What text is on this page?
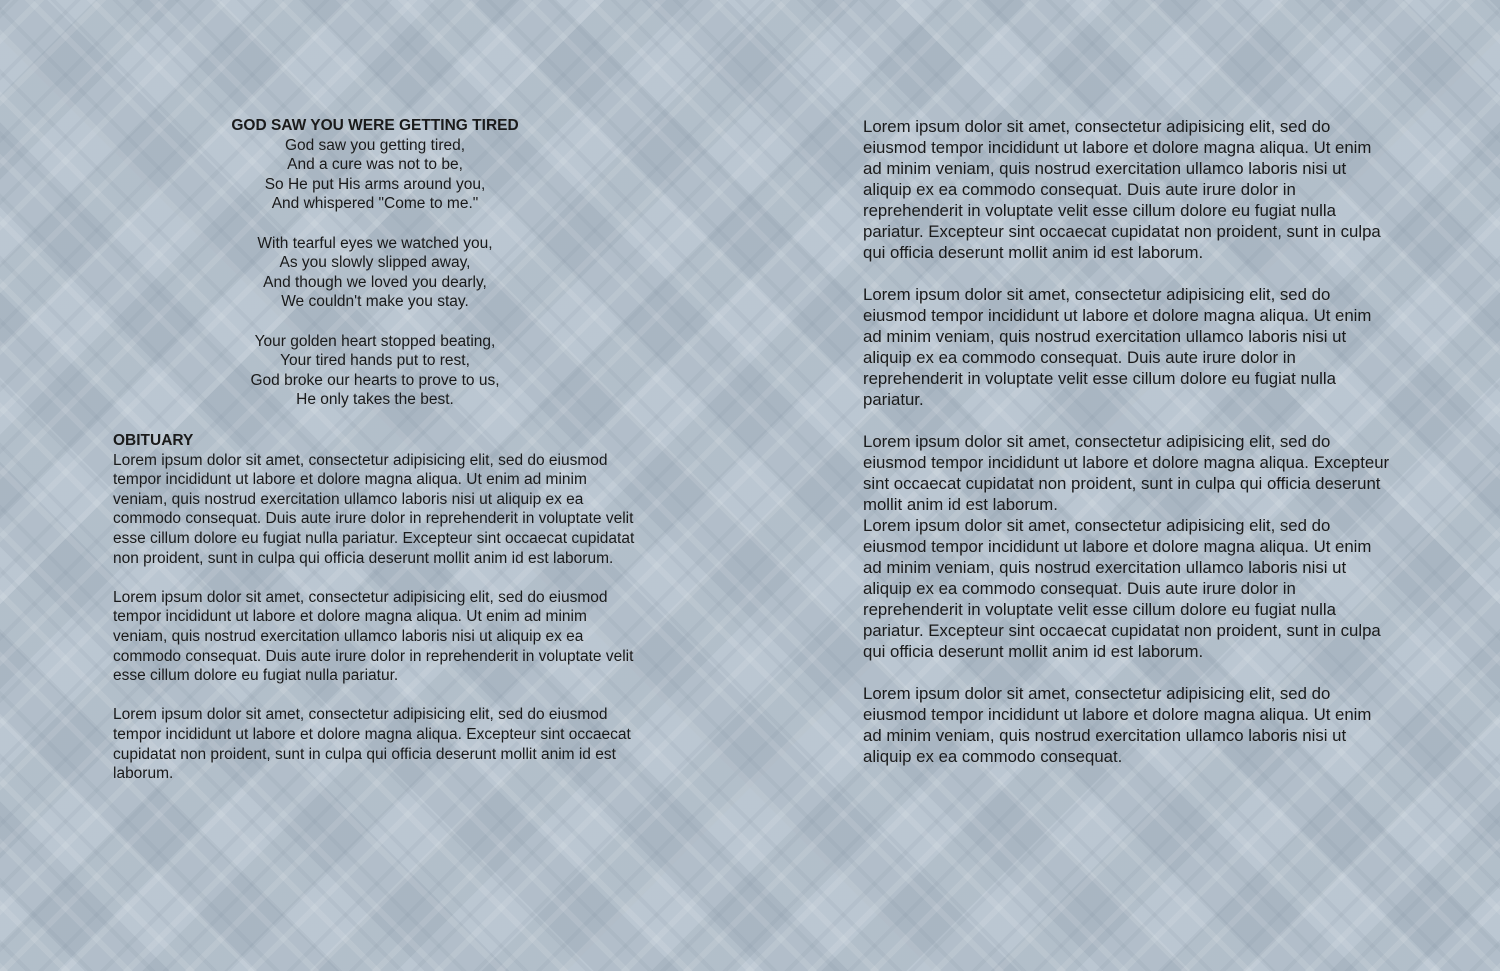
GOD SAW YOU WERE GETTING TIRED

God saw you getting tired,
And a cure was not to be,
So He put His arms around you,
And whispered "Come to me."
With tearful eyes we watched you,
As you slowly slipped away,
And though we loved you dearly,
We couldn't make you stay.
Your golden heart stopped beating,
Your tired hands put to rest,
God broke our hearts to prove to us,
He only takes the best.

OBITUARY

Lorem ipsum dolor sit amet, consectetur adipisicing elit, sed do eiusmod tempor incididunt ut labore et dolore magna aliqua. Ut enim ad minim veniam, quis nostrud exercitation ullamco laboris nisi ut aliquip ex ea commodo consequat. Duis aute irure dolor in reprehenderit in voluptate velit esse cillum dolore eu fugiat nulla pariatur. Excepteur sint occaecat cupidatat non proident, sunt in culpa qui officia deserunt mollit anim id est laborum.

Lorem ipsum dolor sit amet, consectetur adipisicing elit, sed do eiusmod tempor incididunt ut labore et dolore magna aliqua. Ut enim ad minim veniam, quis nostrud exercitation ullamco laboris nisi ut aliquip ex ea commodo consequat. Duis aute irure dolor in reprehenderit in voluptate velit esse cillum dolore eu fugiat nulla pariatur.

Lorem ipsum dolor sit amet, consectetur adipisicing elit, sed do eiusmod tempor incididunt ut labore et dolore magna aliqua. Excepteur sint occaecat cupidatat non proident, sunt in culpa qui officia deserunt mollit anim id est laborum.

Lorem ipsum dolor sit amet, consectetur adipisicing elit, sed do eiusmod tempor incididunt ut labore et dolore magna aliqua. Ut enim ad minim veniam, quis nostrud exercitation ullamco laboris nisi ut aliquip ex ea commodo consequat. Duis aute irure dolor in reprehenderit in voluptate velit esse cillum dolore eu fugiat nulla pariatur. Excepteur sint occaecat cupidatat non proident, sunt in culpa qui officia deserunt mollit anim id est laborum.

Lorem ipsum dolor sit amet, consectetur adipisicing elit, sed do eiusmod tempor incididunt ut labore et dolore magna aliqua. Ut enim ad minim veniam, quis nostrud exercitation ullamco laboris nisi ut aliquip ex ea commodo consequat. Duis aute irure dolor in reprehenderit in voluptate velit esse cillum dolore eu fugiat nulla pariatur.

Lorem ipsum dolor sit amet, consectetur adipisicing elit, sed do eiusmod tempor incididunt ut labore et dolore magna aliqua. Excepteur sint occaecat cupidatat non proident, sunt in culpa qui officia deserunt mollit anim id est laborum.

Lorem ipsum dolor sit amet, consectetur adipisicing elit, sed do eiusmod tempor incididunt ut labore et dolore magna aliqua. Ut enim ad minim veniam, quis nostrud exercitation ullamco laboris nisi ut aliquip ex ea commodo consequat. Duis aute irure dolor in reprehenderit in voluptate velit esse cillum dolore eu fugiat nulla pariatur. Excepteur sint occaecat cupidatat non proident, sunt in culpa qui officia deserunt mollit anim id est laborum.

Lorem ipsum dolor sit amet, consectetur adipisicing elit, sed do eiusmod tempor incididunt ut labore et dolore magna aliqua. Ut enim ad minim veniam, quis nostrud exercitation ullamco laboris nisi ut aliquip ex ea commodo consequat.
